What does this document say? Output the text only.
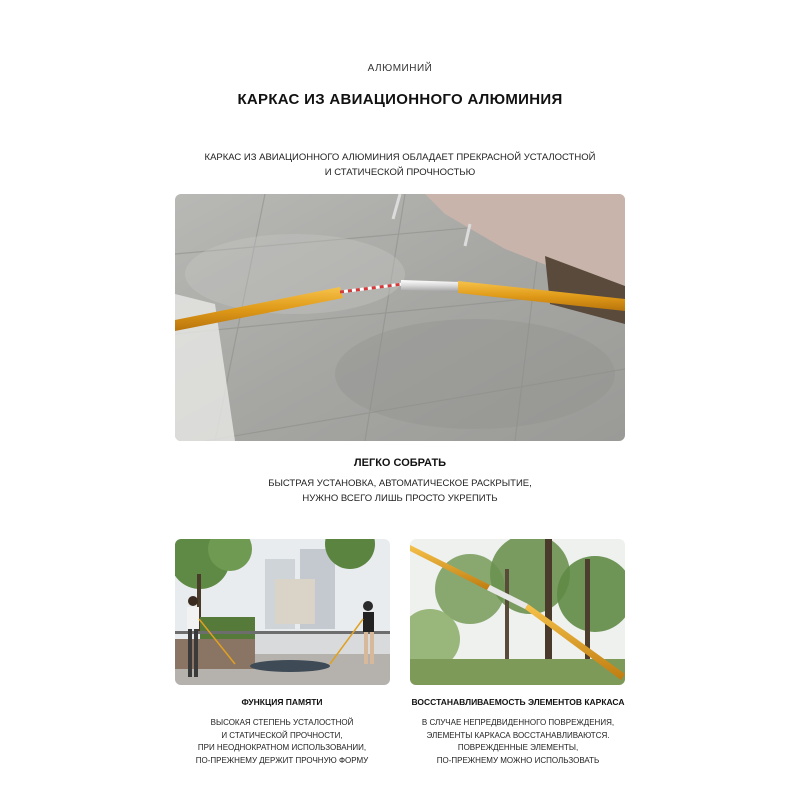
АЛЮМИНИЙ
КАРКАС ИЗ АВИАЦИОННОГО АЛЮМИНИЯ
КАРКАС ИЗ АВИАЦИОННОГО АЛЮМИНИЯ ОБЛАДАЕТ ПРЕКРАСНОЙ УСТАЛОСТНОЙ
И СТАТИЧЕСКОЙ ПРОЧНОСТЬЮ
ЛЕГКО СОБРАТЬ
БЫСТРАЯ УСТАНОВКА, АВТОМАТИЧЕСКОЕ РАСКРЫТИЕ,
НУЖНО ВСЕГО ЛИШЬ ПРОСТО УКРЕПИТЬ
ФУНКЦИЯ ПАМЯТИ
ВЫСОКАЯ СТЕПЕНЬ УСТАЛОСТНОЙ
И СТАТИЧЕСКОЙ ПРОЧНОСТИ,
ПРИ НЕОДНОКРАТНОМ ИСПОЛЬЗОВАНИИ,
ПО-ПРЕЖНЕМУ ДЕРЖИТ ПРОЧНУЮ ФОРМУ
ВОССТАНАВЛИВАЕМОСТЬ ЭЛЕМЕНТОВ КАРКАСА
В СЛУЧАЕ НЕПРЕДВИДЕННОГО ПОВРЕЖДЕНИЯ,
ЭЛЕМЕНТЫ КАРКАСА ВОССТАНАВЛИВАЮТСЯ.
ПОВРЕЖДЕННЫЕ ЭЛЕМЕНТЫ,
ПО-ПРЕЖНЕМУ МОЖНО ИСПОЛЬЗОВАТЬ
